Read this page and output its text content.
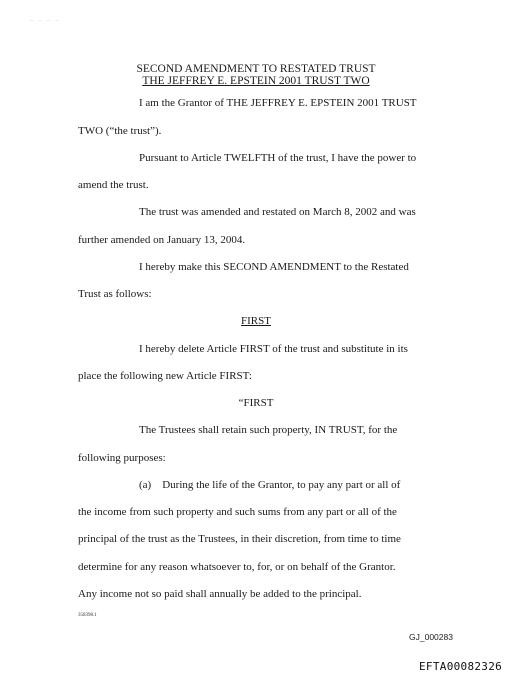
– – – –
SECOND AMENDMENT TO RESTATED TRUST
THE JEFFREY E. EPSTEIN 2001 TRUST TWO
I am the Grantor of THE JEFFREY E. EPSTEIN 2001 TRUST
TWO (“the trust”).
Pursuant to Article TWELFTH of the trust, I have the power to
amend the trust.
The trust was amended and restated on March 8, 2002 and was
further amended on January 13, 2004.
I hereby make this SECOND AMENDMENT to the Restated
Trust as follows:
FIRST
I hereby delete Article FIRST of the trust and substitute in its
place the following new Article FIRST:
“FIRST
The Trustees shall retain such property, IN TRUST, for the
following purposes:
(a)    During the life of the Grantor, to pay any part or all of
the income from such property and such sums from any part or all of the
principal of the trust as the Trustees, in their discretion, from time to time
determine for any reason whatsoever to, for, or on behalf of the Grantor.
Any income not so paid shall annually be added to the principal.
358398.1
GJ_000283
EFTA00082326
